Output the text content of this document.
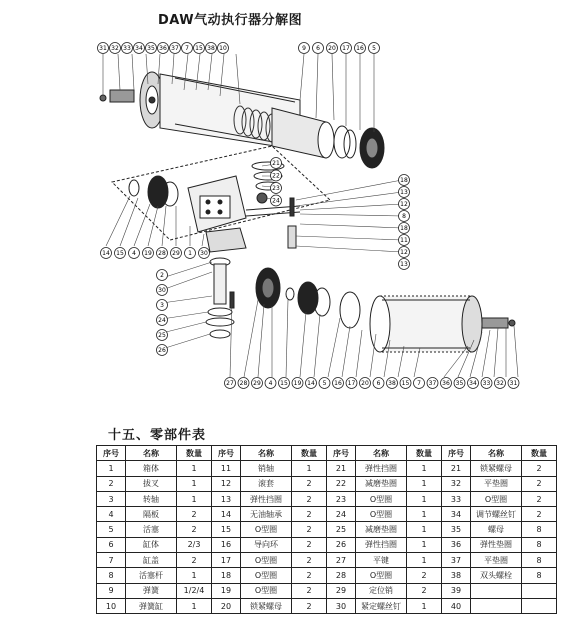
DAW气动执行器分解图
31 32 33 34 35 36 37 7 15 38 10	9 6 20 17 16 5
21
22
23
24
18
13
12
8
18
11
12
13
14 15 4 19 28 29 1 30
2
30
3
24
25
26
27 28 29 4 15 19 14 5 16 17 20 6 38 15 7 37 36 35 34 33 32 31
十五、零部件表
序号	名称	数量	序号	名称	数量	序号	名称	数量	序号	名称	数量
1	箱体	1	11	销轴	1	21	弹性挡圈	1	21	锁紧螺母	2
2	拔叉	1	12	滚套	2	22	减磨垫圈	1	32	平垫圈	2
3	转轴	1	13	弹性挡圈	2	23	O型圈	1	33	O型圈	2
4	隔板	2	14	无油轴承	2	24	O型圈	1	34	调节螺丝钉	2
5	活塞	2	15	O型圈	2	25	减磨垫圈	1	35	螺母	8
6	缸体	2/3	16	导向环	2	26	弹性挡圈	1	36	弹性垫圈	8
7	缸盖	2	17	O型圈	2	27	平键	1	37	平垫圈	8
8	活塞杆	1	18	O型圈	2	28	O型圈	2	38	双头螺栓	8
9	弹簧	1/2/4	19	O型圈	2	29	定位销	2	39		
10	弹簧缸	1	20	锁紧螺母	2	30	紧定螺丝钉	1	40		
